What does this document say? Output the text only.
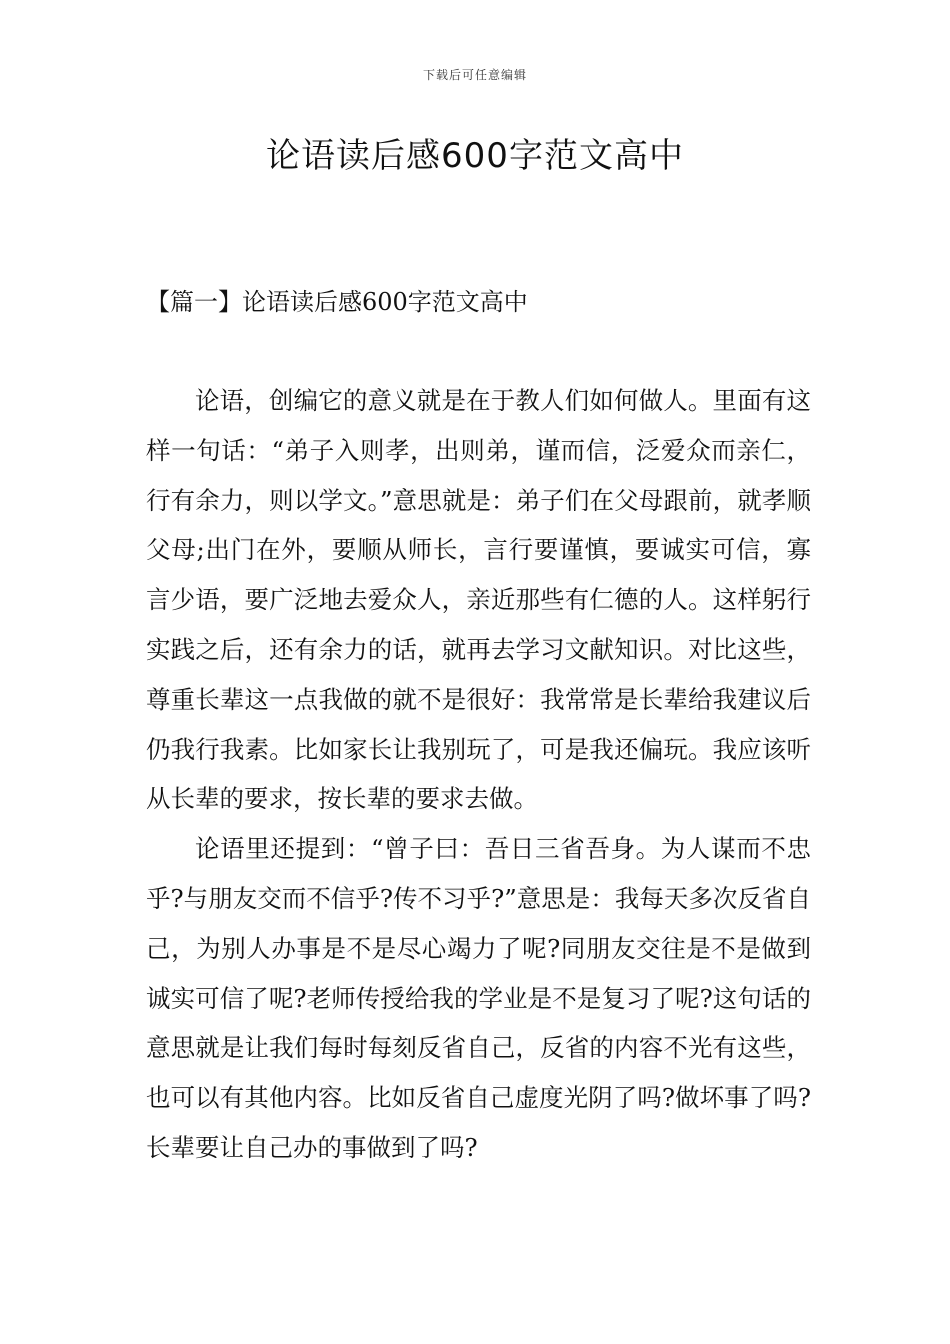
下载后可任意编辑
论语读后感600字范文高中
【篇一】论语读后感600字范文高中

论语，创编它的意义就是在于教人们如何做人。里面有这样一句话：“弟子入则孝，出则弟，谨而信，泛爱众而亲仁，行有余力，则以学文。”意思就是：弟子们在父母跟前，就孝顺父母;出门在外，要顺从师长，言行要谨慎，要诚实可信，寡言少语，要广泛地去爱众人，亲近那些有仁德的人。这样躬行实践之后，还有余力的话，就再去学习文献知识。对比这些，尊重长辈这一点我做的就不是很好：我常常是长辈给我建议后仍我行我素。比如家长让我别玩了，可是我还偏玩。我应该听从长辈的要求，按长辈的要求去做。

论语里还提到：“曾子曰：吾日三省吾身。为人谋而不忠乎?与朋友交而不信乎?传不习乎?”意思是：我每天多次反省自己，为别人办事是不是尽心竭力了呢?同朋友交往是不是做到诚实可信了呢?老师传授给我的学业是不是复习了呢?这句话的意思就是让我们每时每刻反省自己，反省的内容不光有这些，也可以有其他内容。比如反省自己虚度光阴了吗?做坏事了吗?长辈要让自己办的事做到了吗?
